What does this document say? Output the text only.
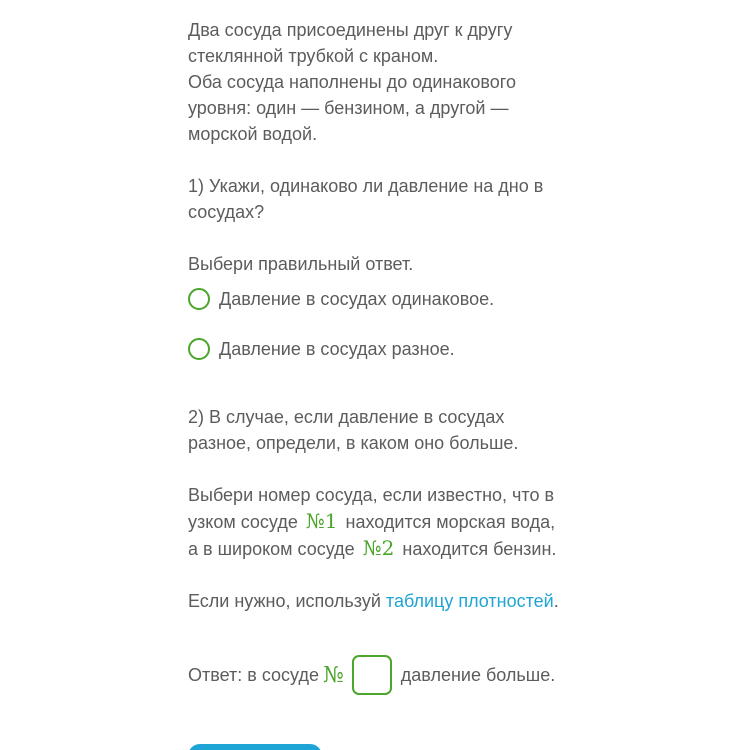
Два сосуда присоединены друг к другу стеклянной трубкой с краном.
Оба сосуда наполнены до одинакового уровня: один — бензином, а другой — морской водой.

1) Укажи, одинаково ли давление на дно в сосудах?

Выбери правильный ответ.

Давление в сосудах одинаковое.
Давление в сосудах разное.

2) В случае, если давление в сосудах разное, определи, в каком оно больше.

Выбери номер сосуда, если известно, что в узком сосуде №1 находится морская вода, а в широком сосуде №2 находится бензин.

Если нужно, используй таблицу плотностей.

Ответ: в сосуде №	давление больше.
